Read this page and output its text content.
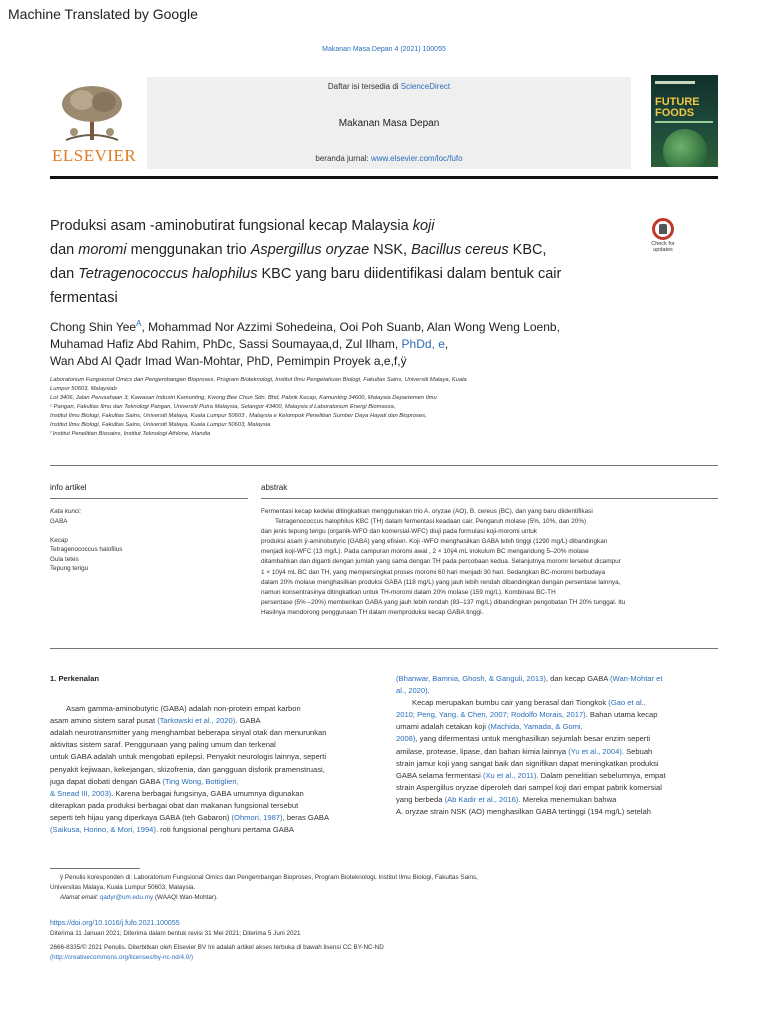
Machine Translated by Google
Makanan Masa Depan 4 (2021) 100055
ELSEVIER
Daftar isi tersedia di ScienceDirect
Makanan Masa Depan
beranda jurnal: www.elsevier.com/loc/fufo
FUTURE FOODS
Produksi asam -aminobutirat fungsional kecap Malaysia koji
dan moromi menggunakan trio Aspergillus oryzae NSK, Bacillus cereus KBC,
dan Tetragenococcus halophilus KBC yang baru diidentifikasi dalam bentuk cair
fermentasi
Check for updates
Chong Shin Yee$^A$, Mohammad Nor Azzimi Sohedeina, Ooi Poh Suanb, Alan Wong Weng Loenb,
Muhamad Hafiz Abd Rahim, PhDc, Sassi Soumayaa,d, Zul Ilham, PhDd, e,
Wan Abd Al Qadr Imad Wan-Mohtar, PhD, Pemimpin Proyek a,e,f,ÿ
Laboratorium Fungsional Omics dan Pengembangan Bioproses, Program Bioteknologi, Institut Ilmu Pengetahuan Biologi, Fakultas Sains, Universiti Malaya, Kuala
Lumpur 50603, Malaysiab
Lot 3406, Jalan Perusahaan 3, Kawasan Industri Kamunting, Kwong Bee Chun Sdn. Bhd. Pabrik Kecap, Kamunting 34600, Malaysia Departemen Ilmu
ᶜ Pangan, Fakultas Ilmu dan Teknologi Pangan, Universiti Putra Malaysia, Selangor 43400, Malaysia d Laboratorium Energi Biomassa,
Institut Ilmu Biologi, Fakultas Sains, Universiti Malaya, Kuala Lumpur 50603 , Malaysia e Kelompok Penelitian Sumber Daya Hayati dan Bioproses,
Institut Ilmu Biologi, Fakultas Sains, Universiti Malaya, Kuala Lumpur 50603, Malaysia
ᶠ Institut Penelitian Biosains, Institut Teknologi Athlone, Irlandia
info artikel	abstrak
Kata kunci:
GABA
Kecap
Tetragenococcus halofilus
Gula tetes
Tepung terigu
Fermentasi kecap kedelai ditingkatkan menggunakan trio A. oryzae (AO), B. cereus (BC), dan yang baru diidentifikasi
Tetragenococcus halophilus KBC (TH) dalam fermentasi keadaan cair. Pengaruh molase (5%, 10%, dan 20%)
dan jenis tepung terigu (organik-WFO dan komersial-WFC) diuji pada formulasi koji-moromi untuk
produksi asam ÿ-aminobutyric (GABA) yang efisien. Koji -WFO menghasilkan GABA lebih tinggi (1290 mg/L) dibandingkan
menjadi koji-WFC (13 mg/L). Pada campuran moromi awal , 2 × 10ÿ4 mL inokulum BC mengandung 5–20% molase
ditambahkan dan diganti dengan jumlah yang sama dengan TH pada percobaan kedua. Selanjutnya moromi tersebut dicampur
1 × 10ÿ4 mL BC dan TH, yang mempersingkat proses moromi 60 hari menjadi 30 hari. Sedangkan BC-moromi berbudaya
dalam 20% molase menghasilkan produksi GABA (118 mg/L) yang jauh lebih rendah dibandingkan dengan persentase lainnya,
namun konsentrasinya ditingkatkan untuk TH-moromi dalam 20% molase (159 mg/L). Kombinasi BC-TH
persentase (5% –20%) memberikan GABA yang jauh lebih rendah (83–137 mg/L) dibandingkan pengobatan TH 20% tunggal. Itu
Hasilnya mendorong penggunaan TH dalam memproduksi kecap GABA tinggi.
1. Perkenalan

Asam gamma-aminobutyric (GABA) adalah non-protein empat karbon

asam amino sistem saraf pusat (Tarkowski et al., 2020). GABA

adalah neurotransmitter yang menghambat beberapa sinyal otak dan menurunkan

aktivitas sistem saraf. Penggunaan yang paling umum dan terkenal

untuk GABA adalah untuk mengobati epilepsi. Penyakit neurologis lainnya, seperti

penyakit kejiwaan, kekejangan, skizofrenia, dan gangguan disforik pramenstruasi,

juga dapat diobati dengan GABA (Ting Wong, Bottiglieri,

& Snead III, 2003). Karena berbagai fungsinya, GABA umumnya digunakan

diterapkan pada produksi berbagai obat dan makanan fungsional tersebut

seperti teh hijau yang diperkaya GABA (teh Gabaron) (Ohmori, 1987), beras GABA

(Saikusa, Horino, & Mori, 1994). roti fungsional penghuni pertama GABA

(Bhanwar, Bamnia, Ghosh, & Ganguli, 2013), dan kecap GABA (Wan-Mohtar et

al., 2020).

Kecap merupakan bumbu cair yang berasal dari Tiongkok (Gao et al.,

2010; Peng, Yang, & Chen, 2007; Rodolfo Morais, 2017). Bahan utama kecap

umami adalah cetakan koji (Machida, Yamada, & Gomi,

2008), yang difermentasi untuk menghasilkan sejumlah besar enzim seperti

amilase, protease, lipase, dan bahan kimia lainnya (Yu et al., 2004). Sebuah

strain jamur koji yang sangat baik dan signifikan dapat meningkatkan produksi

GABA selama fermentasi (Xu et al., 2011). Dalam penelitian sebelumnya, empat

strain Aspergillus oryzae diperoleh dari sampel koji dari empat pabrik komersial

yang berbeda (Ab Kadir et al., 2016). Mereka menemukan bahwa

A. oryzae strain NSK (AO) menghasilkan GABA tertinggi (194 mg/L) setelah

ÿ Penulis koresponden di: Laboratorium Fungsional Omics dan Pengembangan Bioproses, Program Bioteknologi, Institut Ilmu Biologi, Fakultas Sains,
Universitas Malaya, Kuala Lumpur 50603, Malaysia.
Alamat email: qadyr@um.edu.my (WAAQI Wan-Mohtar).
https://doi.org/10.1016/j.fufo.2021.100055
Diterima 11 Januari 2021; Diterima dalam bentuk revisi 31 Mei 2021; Diterima 5 Juni 2021
2666-8335/© 2021 Penulis. Diterbitkan oleh Elsevier BV Ini adalah artikel akses terbuka di bawah lisensi CC BY-NC-ND
(http://creativecommons.org/licenses/by-nc-nd/4.0/)
